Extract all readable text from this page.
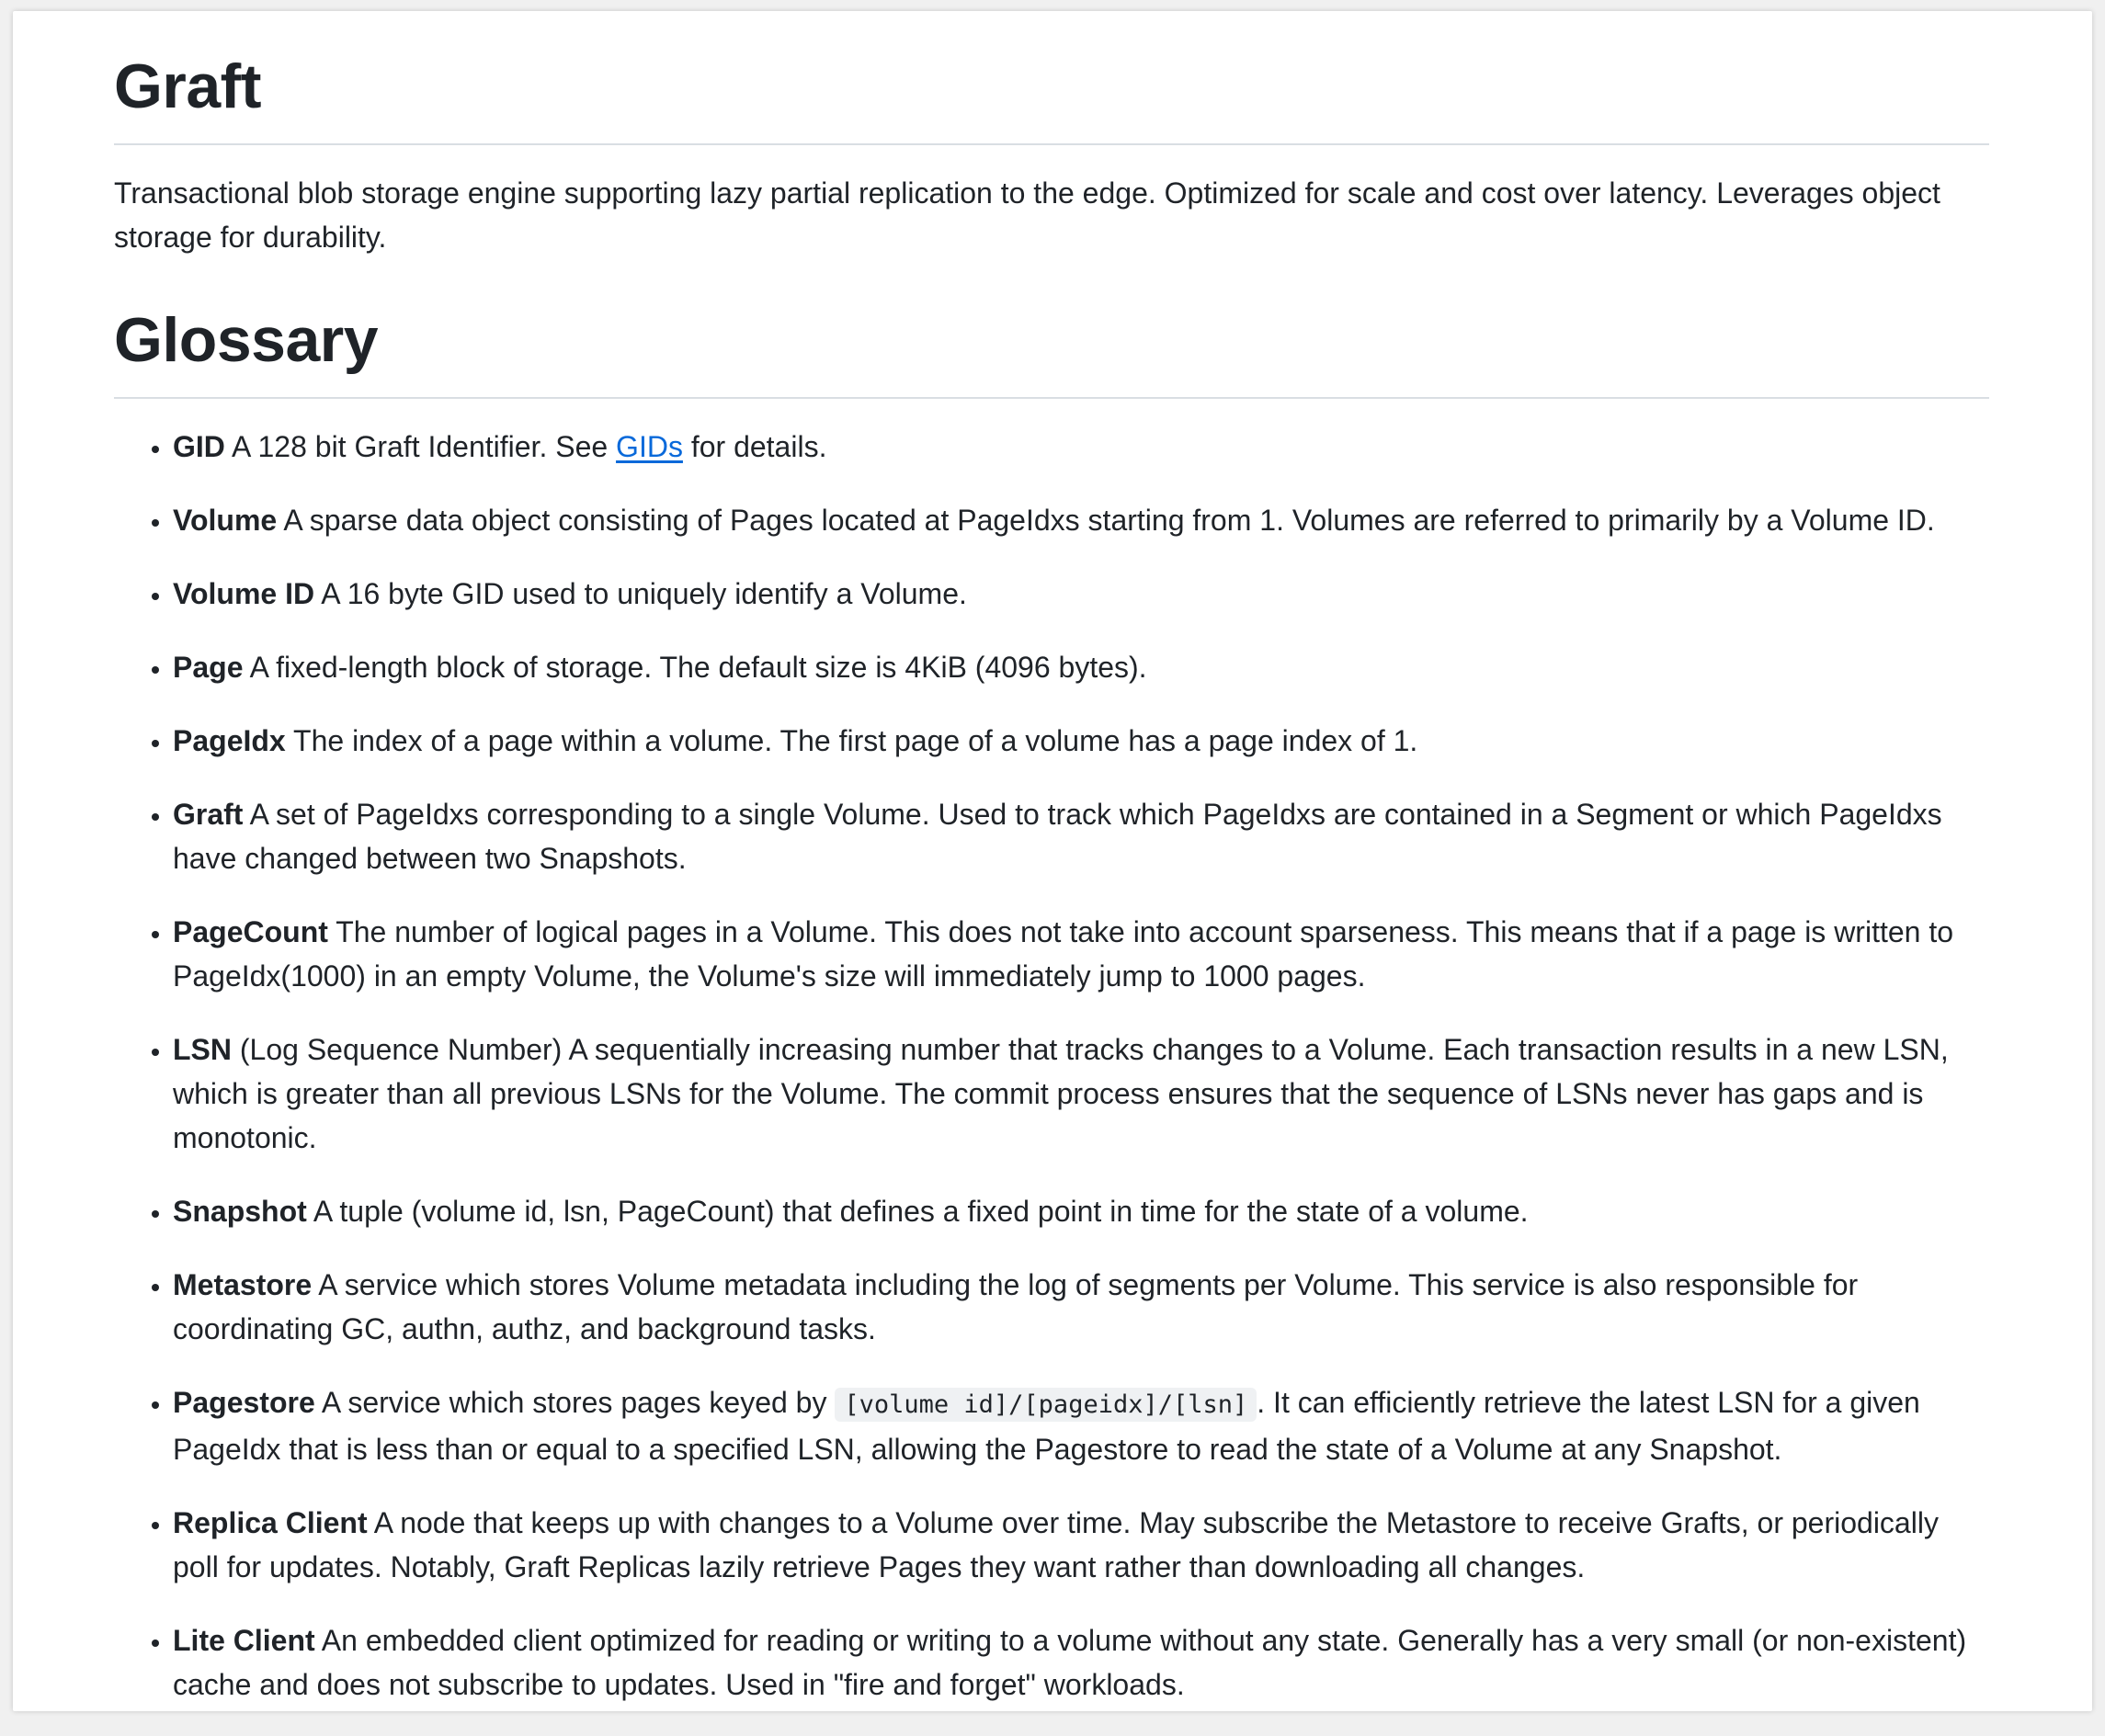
Graft

Transactional blob storage engine supporting lazy partial replication to the edge. Optimized for scale and cost over latency. Leverages object storage for durability.

Glossary
• GID A 128 bit Graft Identifier. See GIDs for details.
• Volume A sparse data object consisting of Pages located at PageIdxs starting from 1. Volumes are referred to primarily by a Volume ID.
• Volume ID A 16 byte GID used to uniquely identify a Volume.
• Page A fixed-length block of storage. The default size is 4KiB (4096 bytes).
• PageIdx The index of a page within a volume. The first page of a volume has a page index of 1.
• Graft A set of PageIdxs corresponding to a single Volume. Used to track which PageIdxs are contained in a Segment or which PageIdxs have changed between two Snapshots.
• PageCount The number of logical pages in a Volume. This does not take into account sparseness. This means that if a page is written to PageIdx(1000) in an empty Volume, the Volume's size will immediately jump to 1000 pages.
• LSN (Log Sequence Number) A sequentially increasing number that tracks changes to a Volume. Each transaction results in a new LSN, which is greater than all previous LSNs for the Volume. The commit process ensures that the sequence of LSNs never has gaps and is monotonic.
• Snapshot A tuple (volume id, lsn, PageCount) that defines a fixed point in time for the state of a volume.
• Metastore A service which stores Volume metadata including the log of segments per Volume. This service is also responsible for coordinating GC, authn, authz, and background tasks.
• Pagestore A service which stores pages keyed by [volume id]/[pageidx]/[lsn] . It can efficiently retrieve the latest LSN for a given PageIdx that is less than or equal to a specified LSN, allowing the Pagestore to read the state of a Volume at any Snapshot.
• Replica Client A node that keeps up with changes to a Volume over time. May subscribe the Metastore to receive Grafts, or periodically poll for updates. Notably, Graft Replicas lazily retrieve Pages they want rather than downloading all changes.
• Lite Client An embedded client optimized for reading or writing to a volume without any state. Generally has a very small (or non-existent) cache and does not subscribe to updates. Used in "fire and forget" workloads.
